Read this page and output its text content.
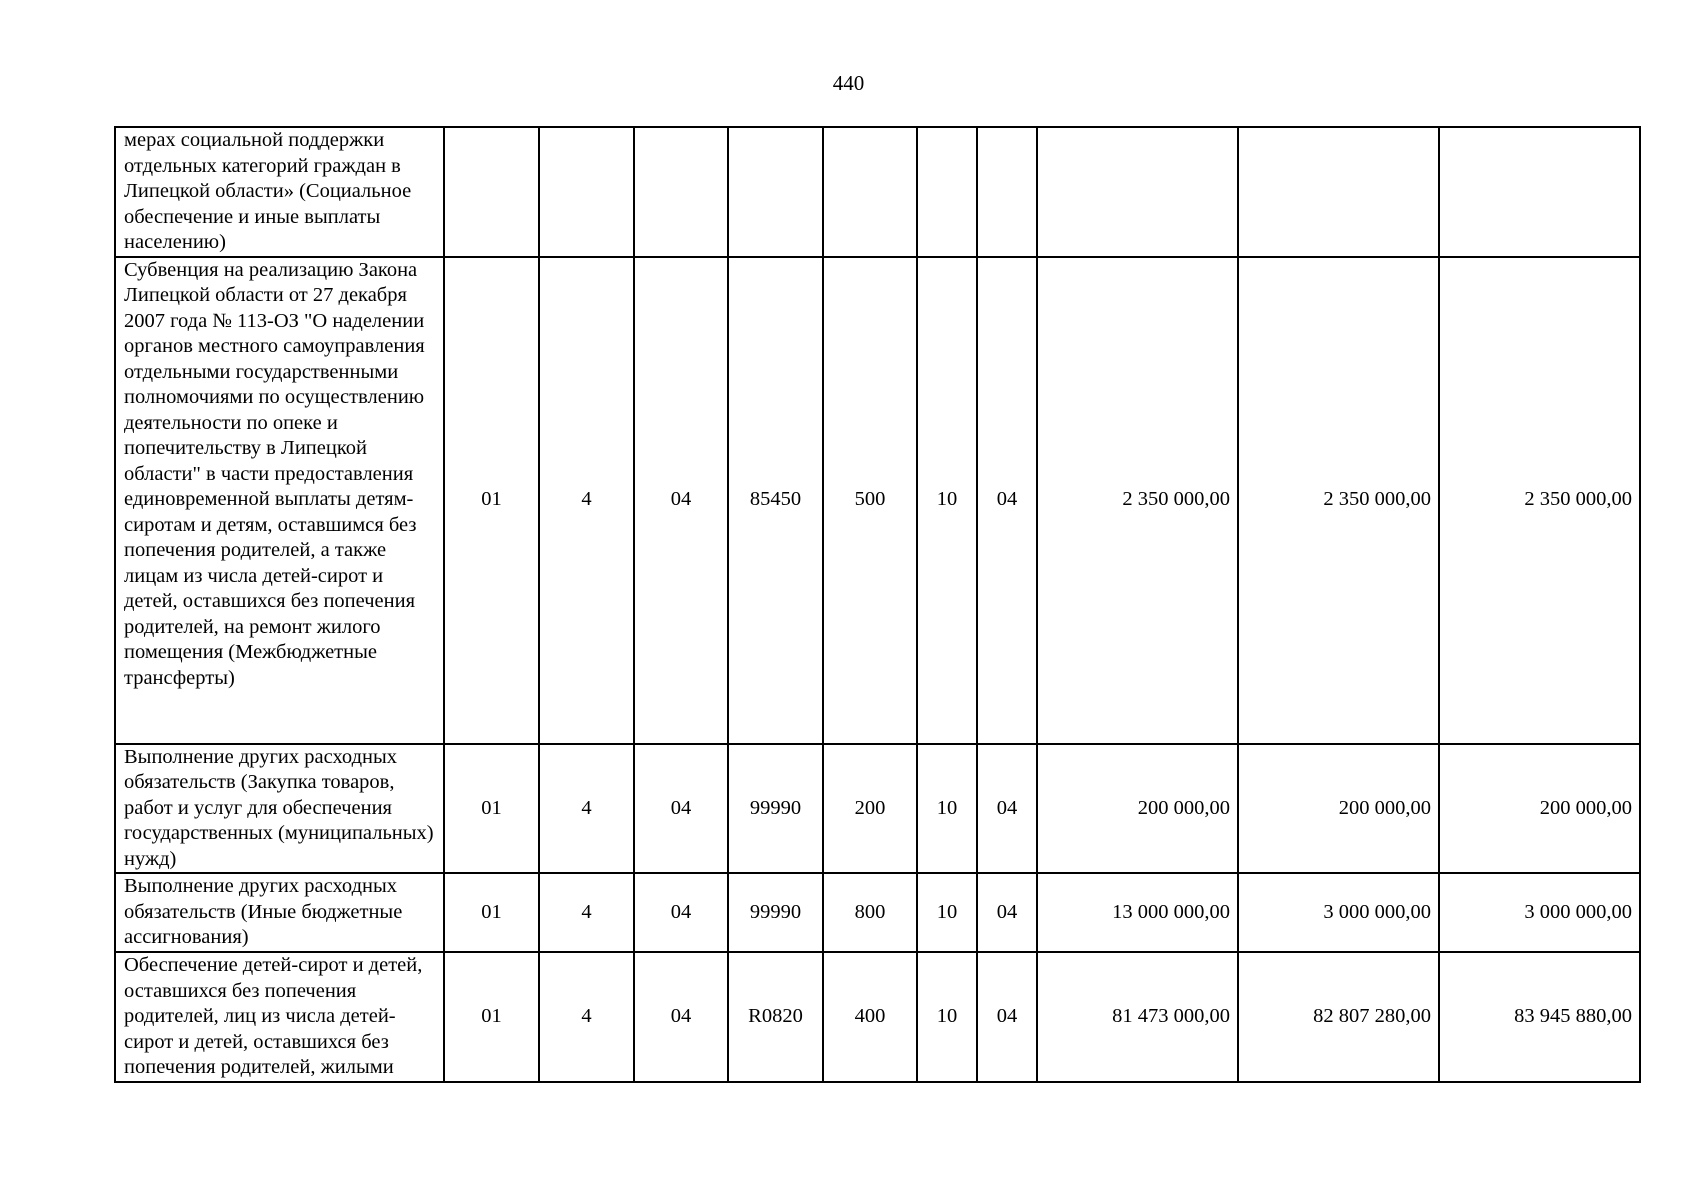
440
мерах социальной поддержки отдельных категорий граждан в Липецкой области» (Социальное обеспечение и иные выплаты населению)										
Субвенция на реализацию Закона Липецкой области от 27 декабря 2007 года № 113-ОЗ "О наделении органов местного самоуправления отдельными государственными полномочиями по осуществлению деятельности по опеке и попечительству в Липецкой области" в части предоставления единовременной выплаты детям-сиротам и детям, оставшимся без попечения родителей, а также лицам из числа детей-сирот и детей, оставшихся без попечения родителей, на ремонт жилого помещения (Межбюджетные трансферты)	01	4	04	85450	500	10	04	2 350 000,00	2 350 000,00	2 350 000,00
Выполнение других расходных обязательств (Закупка товаров, работ и услуг для обеспечения государственных (муниципальных) нужд)	01	4	04	99990	200	10	04	200 000,00	200 000,00	200 000,00
Выполнение других расходных обязательств (Иные бюджетные ассигнования)	01	4	04	99990	800	10	04	13 000 000,00	3 000 000,00	3 000 000,00
Обеспечение детей-сирот и детей, оставшихся без попечения родителей, лиц из числа детей-сирот и детей, оставшихся без попечения родителей, жилыми	01	4	04	R0820	400	10	04	81 473 000,00	82 807 280,00	83 945 880,00
